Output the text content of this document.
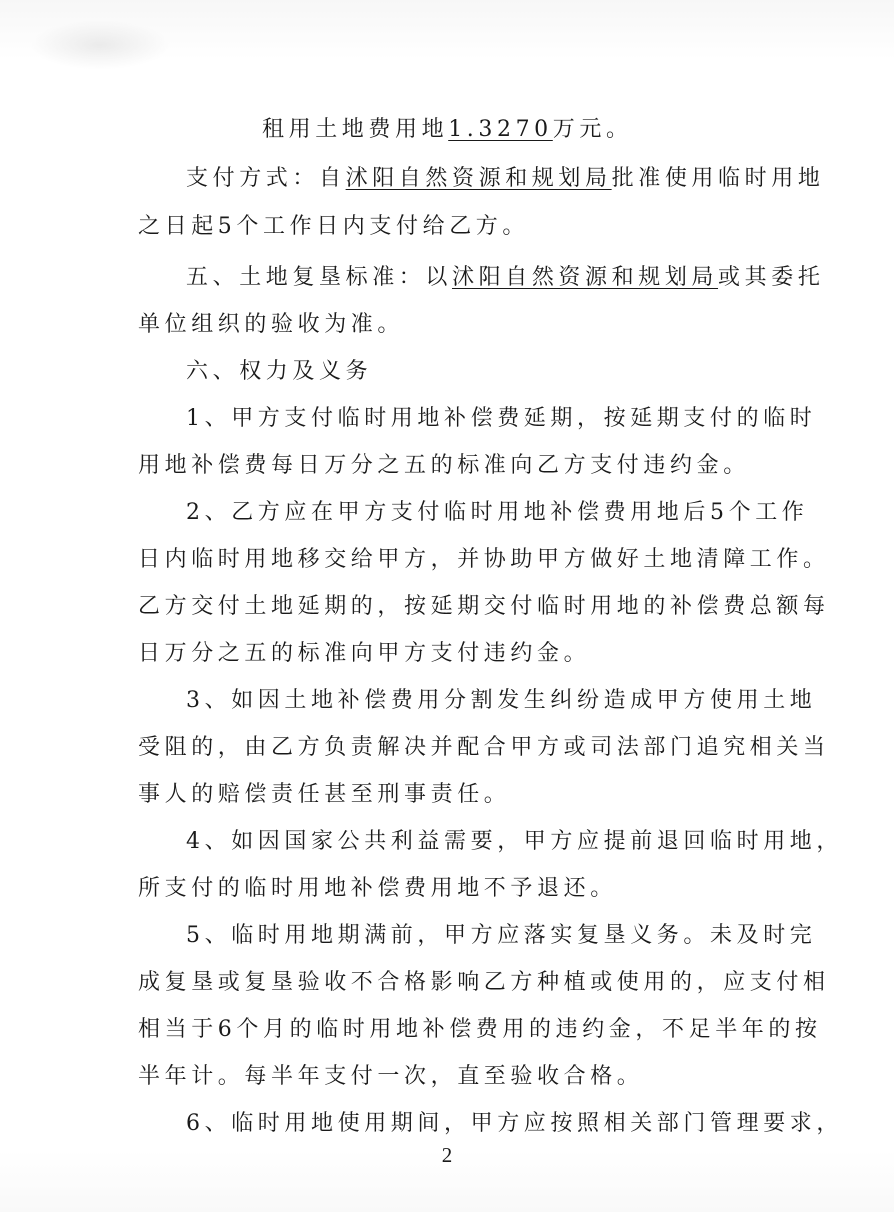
租用土地费用地1.3270万元。
支付方式：自沭阳自然资源和规划局批准使用临时用地
之日起5个工作日内支付给乙方。
五、土地复垦标准：以沭阳自然资源和规划局或其委托
单位组织的验收为准。
六、权力及义务
1、甲方支付临时用地补偿费延期，按延期支付的临时
用地补偿费每日万分之五的标准向乙方支付违约金。
2、乙方应在甲方支付临时用地补偿费用地后5个工作
日内临时用地移交给甲方，并协助甲方做好土地清障工作。
乙方交付土地延期的，按延期交付临时用地的补偿费总额每
日万分之五的标准向甲方支付违约金。
3、如因土地补偿费用分割发生纠纷造成甲方使用土地
受阻的，由乙方负责解决并配合甲方或司法部门追究相关当
事人的赔偿责任甚至刑事责任。
4、如因国家公共利益需要，甲方应提前退回临时用地，
所支付的临时用地补偿费用地不予退还。
5、临时用地期满前，甲方应落实复垦义务。未及时完
成复垦或复垦验收不合格影响乙方种植或使用的，应支付相
相当于6个月的临时用地补偿费用的违约金，不足半年的按
半年计。每半年支付一次，直至验收合格。
6、临时用地使用期间，甲方应按照相关部门管理要求，
2
